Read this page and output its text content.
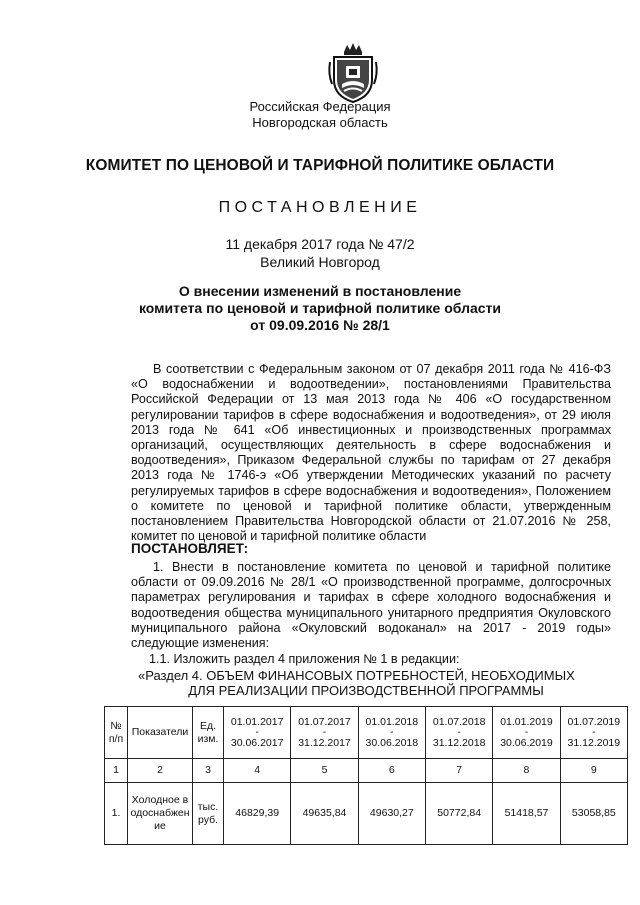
Российская Федерация
Новгородская область
КОМИТЕТ ПО ЦЕНОВОЙ И ТАРИФНОЙ ПОЛИТИКЕ ОБЛАСТИ
ПОСТАНОВЛЕНИЕ
11 декабря 2017 года № 47/2
Великий Новгород
О внесении изменений в постановление
комитета по ценовой и тарифной политике области
от 09.09.2016 № 28/1

В соответствии с Федеральным законом от 07 декабря 2011 года № 416-ФЗ «О водоснабжении и водоотведении», постановлениями Правительства Российской Федерации от 13 мая 2013 года № 406 «О государственном регулировании тарифов в сфере водоснабжения и водоотведения», от 29 июля 2013 года № 641 «Об инвестиционных и производственных программах организаций, осуществляющих деятельность в сфере водоснабжения и водоотведения», Приказом Федеральной службы по тарифам от 27 декабря 2013 года № 1746-э «Об утверждении Методических указаний по расчету регулируемых тарифов в сфере водоснабжения и водоотведения», Положением о комитете по ценовой и тарифной политике области, утвержденным постановлением Правительства Новгородской области от 21.07.2016 № 258, комитет по ценовой и тарифной политике области

ПОСТАНОВЛЯЕТ:

1. Внести в постановление комитета по ценовой и тарифной политике области от 09.09.2016 № 28/1 «О производственной программе, долгосрочных параметрах регулирования и тарифах в сфере холодного водоснабжения и водоотведения общества муниципального унитарного предприятия Окуловского муниципального района «Окуловский водоканал» на 2017 - 2019 годы» следующие изменения:

1.1. Изложить раздел 4 приложения № 1 в редакции:

«Раздел 4. ОБЪЕМ ФИНАНСОВЫХ ПОТРЕБНОСТЕЙ, НЕОБХОДИМЫХ
ДЛЯ РЕАЛИЗАЦИИ ПРОИЗВОДСТВЕННОЙ ПРОГРАММЫ
№ п/п	Показатели	Ед. изм.	01.01.2017
-
30.06.2017	01.07.2017
-
31.12.2017	01.01.2018
-
30.06.2018	01.07.2018
-
31.12.2018	01.01.2019
-
30.06.2019	01.07.2019
-
31.12.2019
1	2	3	4	5	6	7	8	9
1.	Холодное водоснабжение	тыс. руб.	46829,39	49635,84	49630,27	50772,84	51418,57	53058,85
